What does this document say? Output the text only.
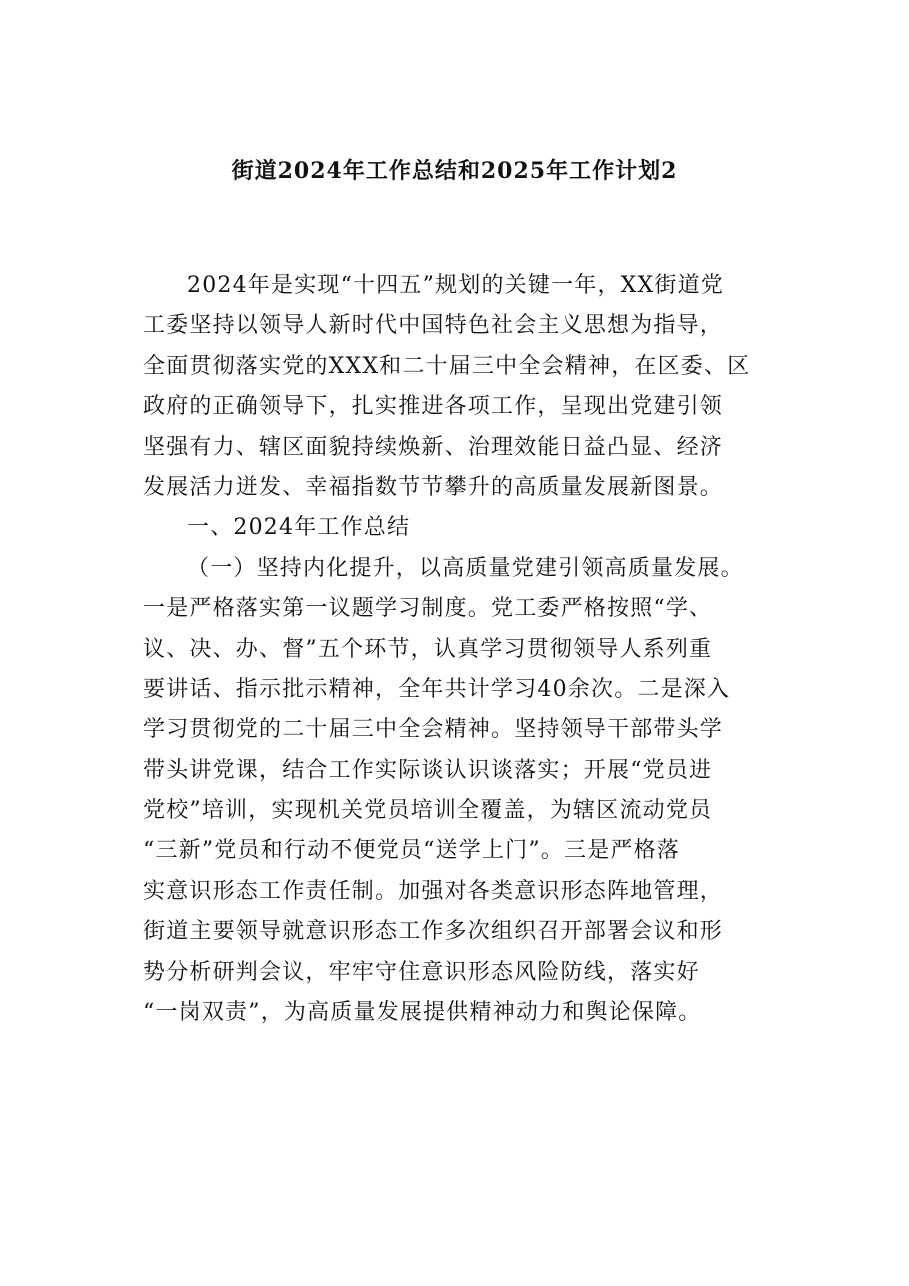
街道2024年工作总结和2025年工作计划2
2024年是实现“十四五”规划的关键一年，XX街道党
工委坚持以领导人新时代中国特色社会主义思想为指导，
全面贯彻落实党的XXX和二十届三中全会精神，在区委、区
政府的正确领导下，扎实推进各项工作，呈现出党建引领
坚强有力、辖区面貌持续焕新、治理效能日益凸显、经济
发展活力迸发、幸福指数节节攀升的高质量发展新图景。
一、2024年工作总结
（一）坚持内化提升，以高质量党建引领高质量发展。
一是严格落实第一议题学习制度。党工委严格按照“学、
议、决、办、督”五个环节，认真学习贯彻领导人系列重
要讲话、指示批示精神，全年共计学习40余次。二是深入
学习贯彻党的二十届三中全会精神。坚持领导干部带头学
带头讲党课，结合工作实际谈认识谈落实；开展“党员进
党校”培训，实现机关党员培训全覆盖，为辖区流动党员
“三新”党员和行动不便党员“送学上门”。三是严格落
实意识形态工作责任制。加强对各类意识形态阵地管理，
街道主要领导就意识形态工作多次组织召开部署会议和形
势分析研判会议，牢牢守住意识形态风险防线，落实好
“一岗双责”，为高质量发展提供精神动力和舆论保障。
